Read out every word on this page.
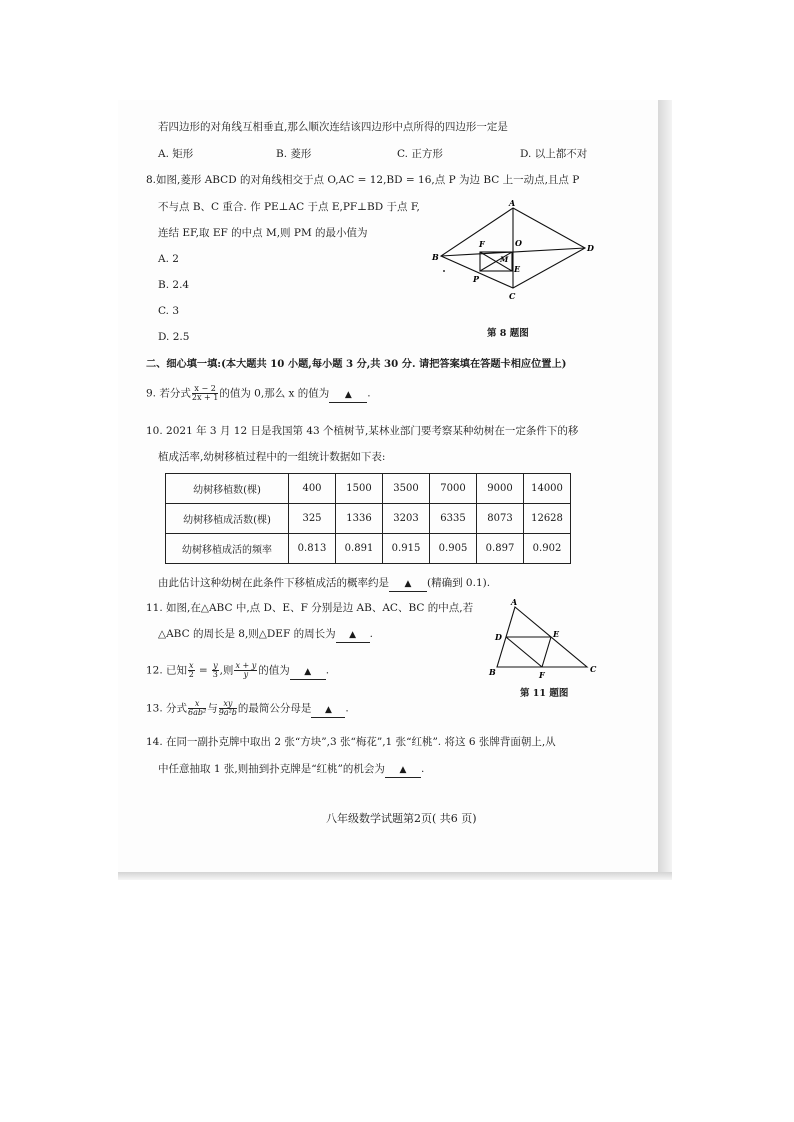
若四边形的对角线互相垂直,那么顺次连结该四边形中点所得的四边形一定是
A. 矩形	B. 菱形	C. 正方形	D. 以上都不对
8.如图,菱形 ABCD 的对角线相交于点 O,AC = 12,BD = 16,点 P 为边 BC 上一动点,且点 P
不与点 B、C 重合. 作 PE⊥AC 于点 E,PF⊥BD 于点 F,
连结 EF,取 EF 的中点 M,则 PM 的最小值为
A. 2
B. 2.4
C. 3
D. 2.5
A
D
C
B
O
F
E
M
P
第 8 题图
二、细心填一填:(本大题共 10 小题,每小题 3 分,共 30 分. 请把答案填在答题卡相应位置上)
9. 若分式 $\frac{x - 2}{2x + 1}$ 的值为 0,那么 x 的值为 ▲ .
10. 2021 年 3 月 12 日是我国第 43 个植树节,某林业部门要考察某种幼树在一定条件下的移
植成活率,幼树移植过程中的一组统计数据如下表:
幼树移植数(棵)	400	1500	3500	7000	9000	14000
幼树移植成活数(棵)	325	1336	3203	6335	8073	12628
幼树移植成活的频率	0.813	0.891	0.915	0.905	0.897	0.902
由此估计这种幼树在此条件下移植成活的概率约是 ▲ (精确到 0.1).
11. 如图,在△ABC 中,点 D、E、F 分别是边 AB、AC、BC 的中点,若
△ABC 的周长是 8,则△DEF 的周长为 ▲ .
A
D	E
B	F
C
第 11 题图
12. 已知 $\frac{x}{2} = \frac{y}{3}$ ,则 $\frac{x + y}{y}$ 的值为 ▲ .
13. 分式 $\frac{x}{\text{6ab²}}$ 与 $\frac{xy}{\text{9a²b}}$ 的最简公分母是 ▲ .
14. 在同一副扑克牌中取出 2 张“方块”,3 张“梅花”,1 张“红桃”. 将这 6 张牌背面朝上,从
中任意抽取 1 张,则抽到扑克牌是“红桃”的机会为 ▲ .
八年级数学试题第2页( 共6 页)
